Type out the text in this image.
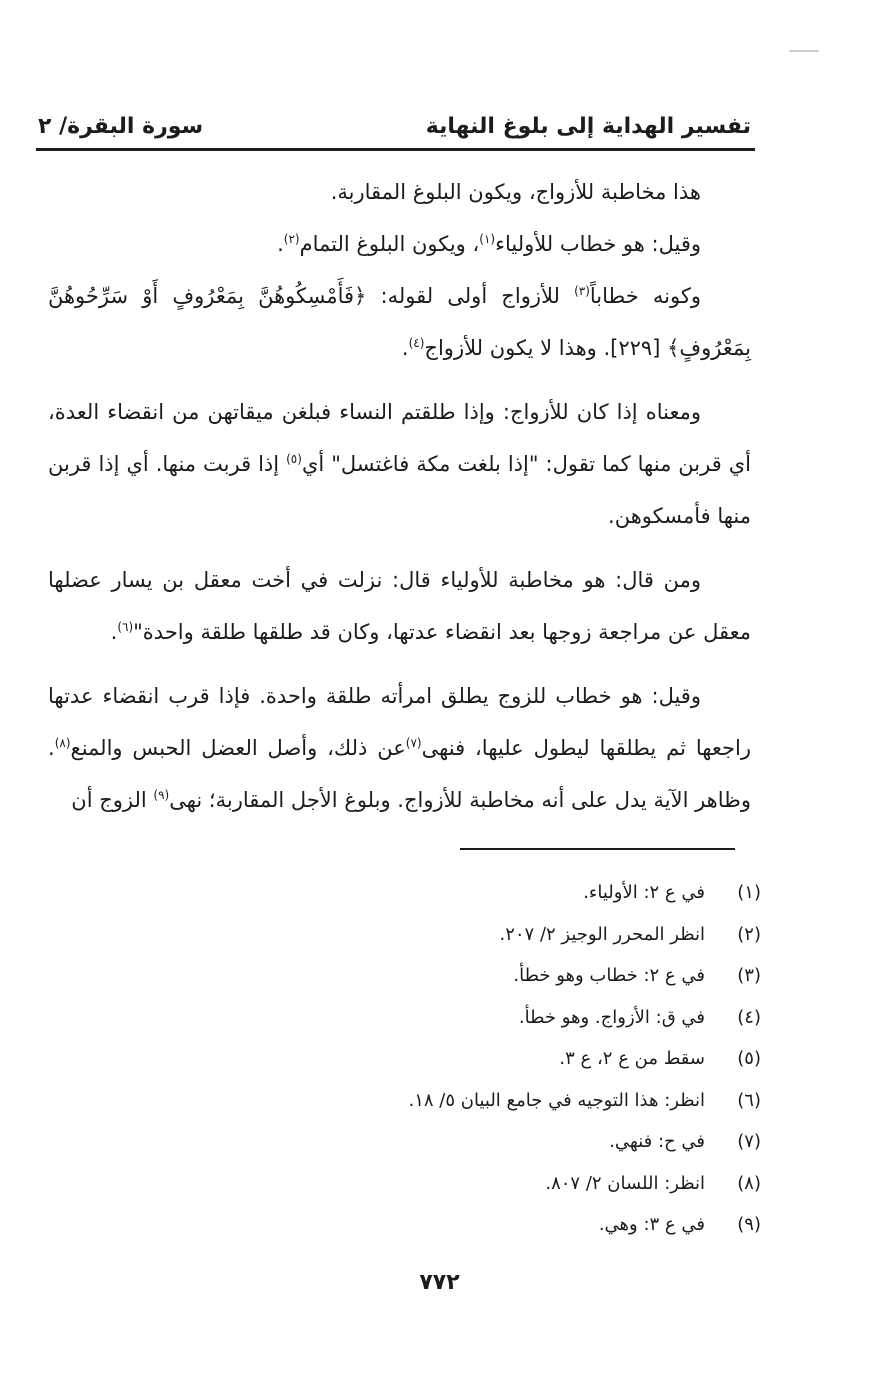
تفسير الهداية إلى بلوغ النهاية
سورة البقرة/ ٢

هذا مخاطبة للأزواج، ويكون البلوغ المقاربة.

وقيل: هو خطاب للأولياء$^{(١)}$، ويكون البلوغ التمام$^{(٢)}$.

وكونه خطاباً$^{(٣)}$ للأزواج أولى لقوله: ﴿فَأَمْسِكُوهُنَّ بِمَعْرُوفٍ أَوْ سَرِّحُوهُنَّ بِمَعْرُوفٍ﴾ [٢٢٩]. وهذا لا يكون للأزواج$^{(٤)}$.

ومعناه إذا كان للأزواج: وإذا طلقتم النساء فبلغن ميقاتهن من انقضاء العدة، أي قربن منها كما تقول: "إذا بلغت مكة فاغتسل" أي$^{(٥)}$ إذا قربت منها. أي إذا قربن منها فأمسكوهن.

ومن قال: هو مخاطبة للأولياء قال: نزلت في أخت معقل بن يسار عضلها معقل عن مراجعة زوجها بعد انقضاء عدتها، وكان قد طلقها طلقة واحدة"$^{(٦)}$.

وقيل: هو خطاب للزوج يطلق امرأته طلقة واحدة. فإذا قرب انقضاء عدتها راجعها ثم يطلقها ليطول عليها، فنهى$^{(٧)}$عن ذلك، وأصل العضل الحبس والمنع$^{(٨)}$. وظاهر الآية يدل على أنه مخاطبة للأزواج. وبلوغ الأجل المقاربة؛ نهى$^{(٩)}$ الزوج أن

(١)
في ع ٢: الأولياء.
(٢)
انظر المحرر الوجيز ٢/ ٢٠٧.
(٣)
في ع ٢: خطاب وهو خطأ.
(٤)
في ق: الأزواج. وهو خطأ.
(٥)
سقط من ع ٢، ع ٣.
(٦)
انظر: هذا التوجيه في جامع البيان ٥/ ١٨.
(٧)
في ح: فنهي.
(٨)
انظر: اللسان ٢/ ٨٠٧.
(٩)
في ع ٣: وهي.
٧٧٢
